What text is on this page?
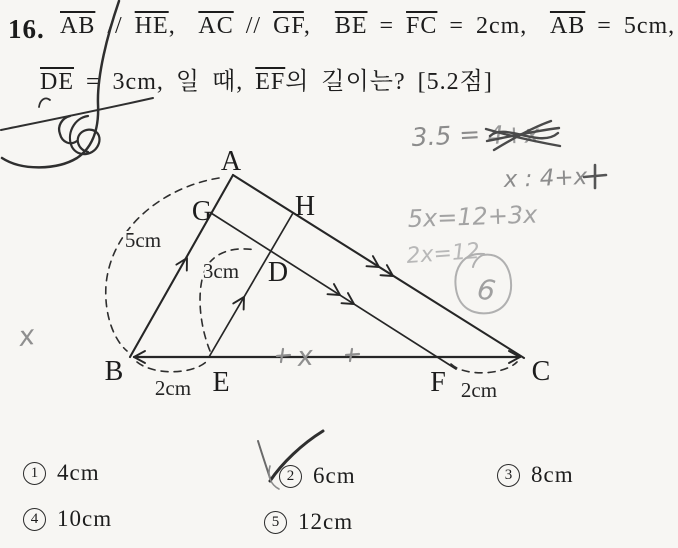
16. $\overline{AB} // \overline{HE}$,  $\overline{AC} // \overline{GF}$,  $\overline{BE} = \overline{FC} = 2cm$,  $\overline{AB} = 5cm$,
$\overline{DE} = 3cm$, 일 때, $\overline{EF}$의 길이는? [5.2점]
1 4cm	2 6cm	3 8cm
4 10cm	5 12cm
A
B	C
D
E	F
G	H
5cm
3cm
2cm	2cm
3.5 = 4+x
x : 4+x
5x=12+3x
2x=12
6
x
x
